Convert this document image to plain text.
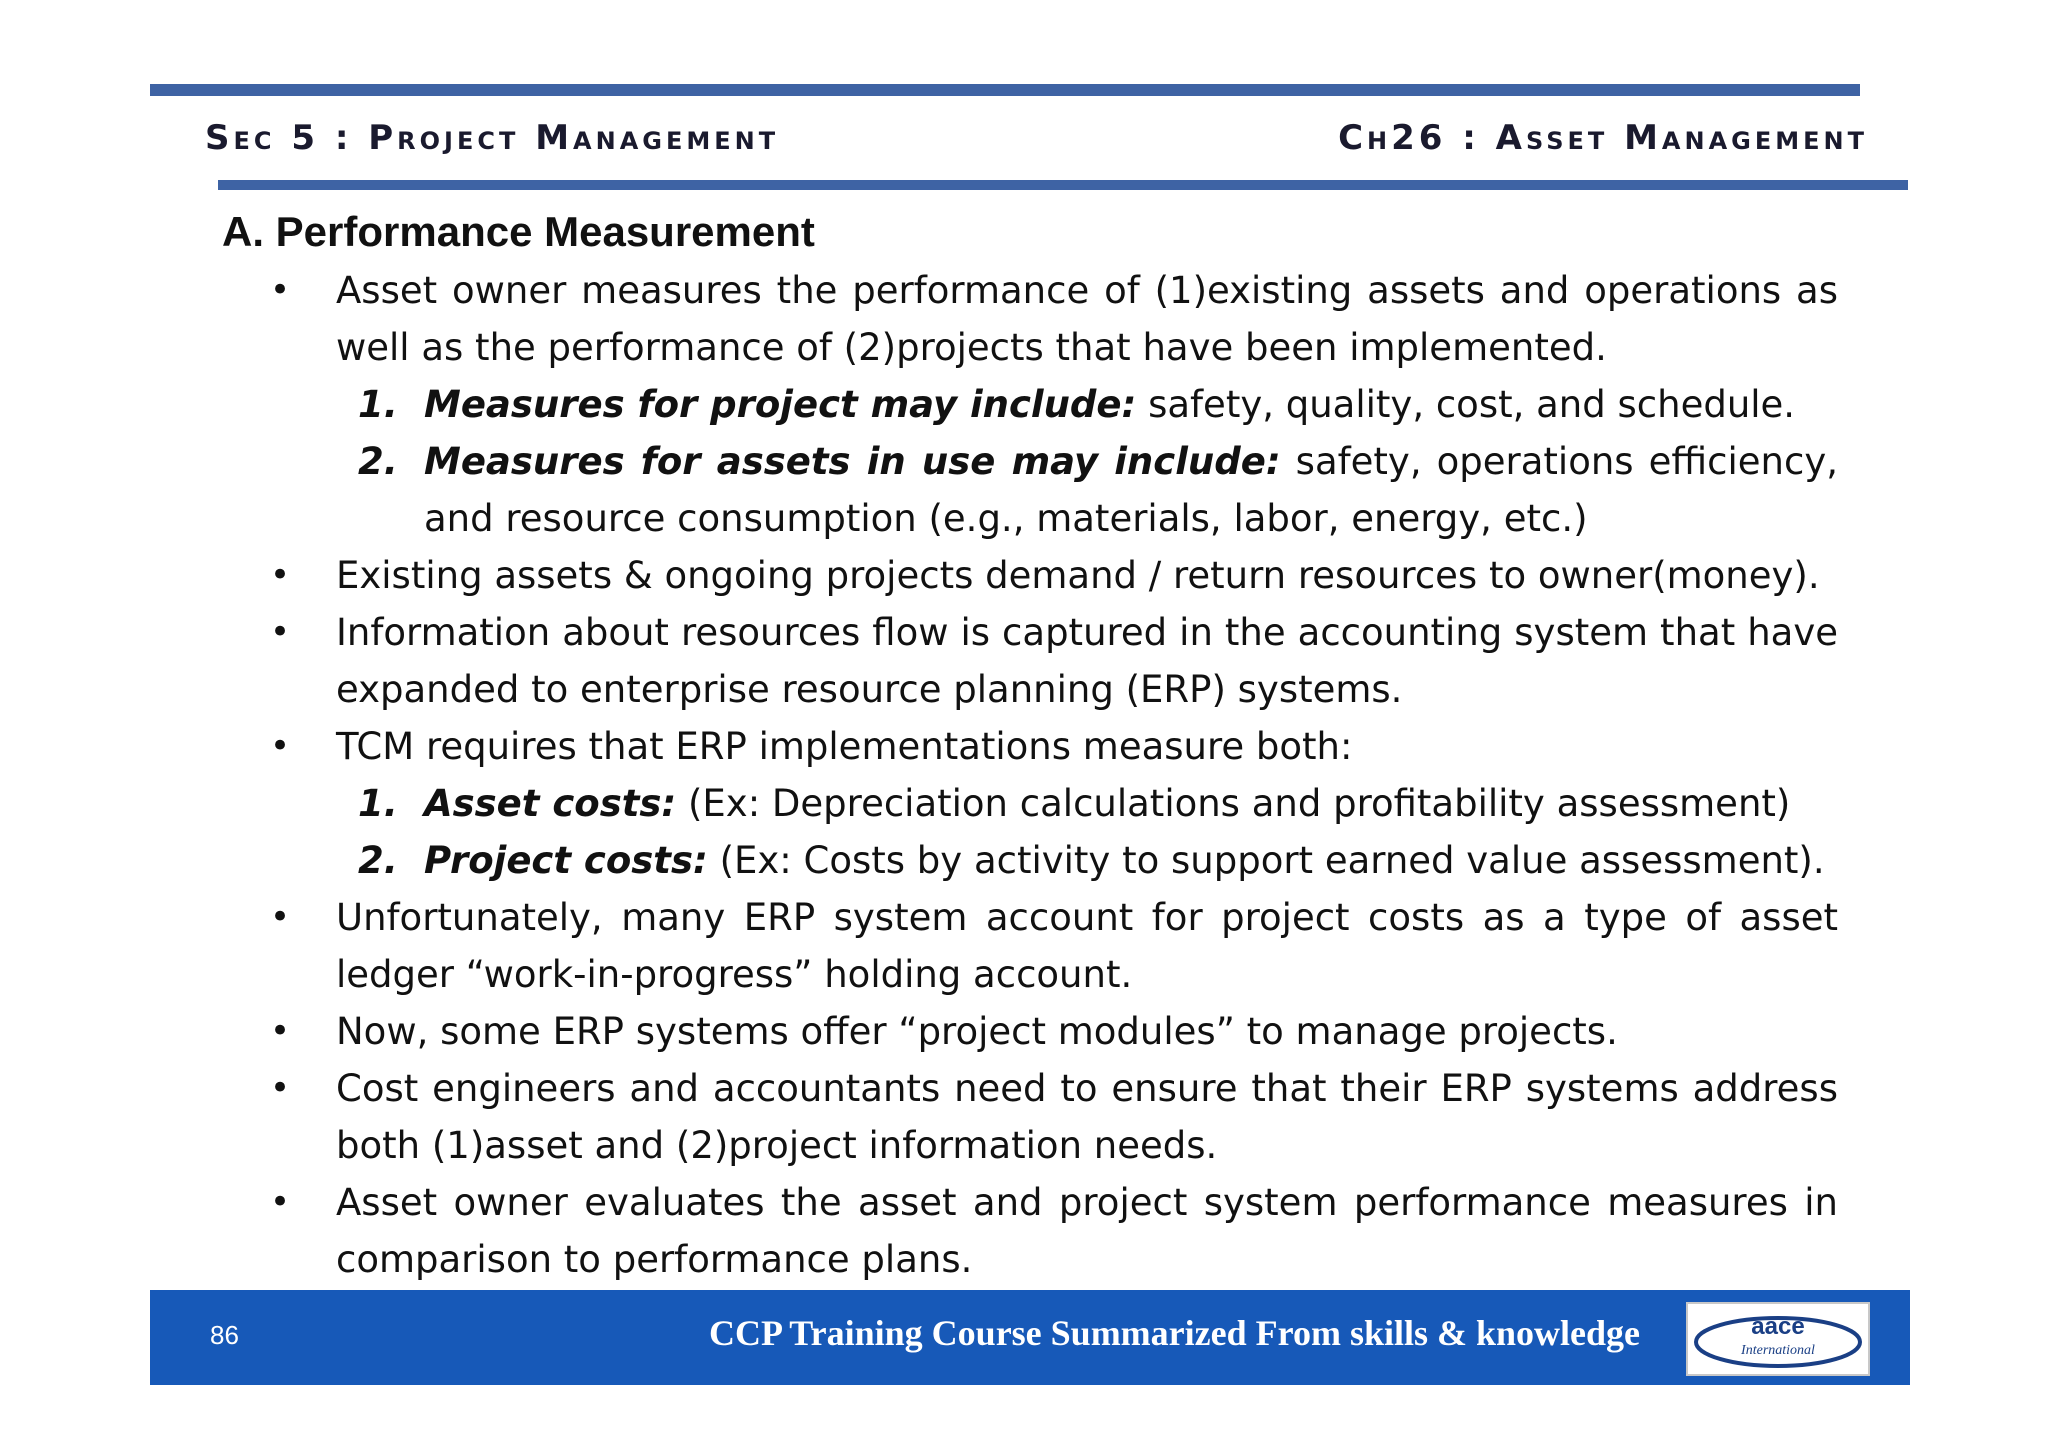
Sec 5 : Project Management	Ch26 : Asset Management
A. Performance Measurement

• Asset owner measures the performance of (1)existing assets and operations as well as the performance of (2)projects that have been implemented.

1. Measures for project may include: safety, quality, cost, and schedule.

2. Measures for assets in use may include: safety, operations efficiency, and resource consumption (e.g., materials, labor, energy, etc.)

• Existing assets & ongoing projects demand / return resources to owner(money).

• Information about resources flow is captured in the accounting system that have expanded to enterprise resource planning (ERP) systems.

• TCM requires that ERP implementations measure both:

1. Asset costs: (Ex: Depreciation calculations and profitability assessment)

2. Project costs: (Ex: Costs by activity to support earned value assessment).

• Unfortunately, many ERP system account for project costs as a type of asset ledger “work-in-progress” holding account.

• Now, some ERP systems offer “project modules” to manage projects.

• Cost engineers and accountants need to ensure that their ERP systems address both (1)asset and (2)project information needs.

• Asset owner evaluates the asset and project system performance measures in comparison to performance plans.

86	CCP Training Course Summarized From skills & knowledge	aace
International
